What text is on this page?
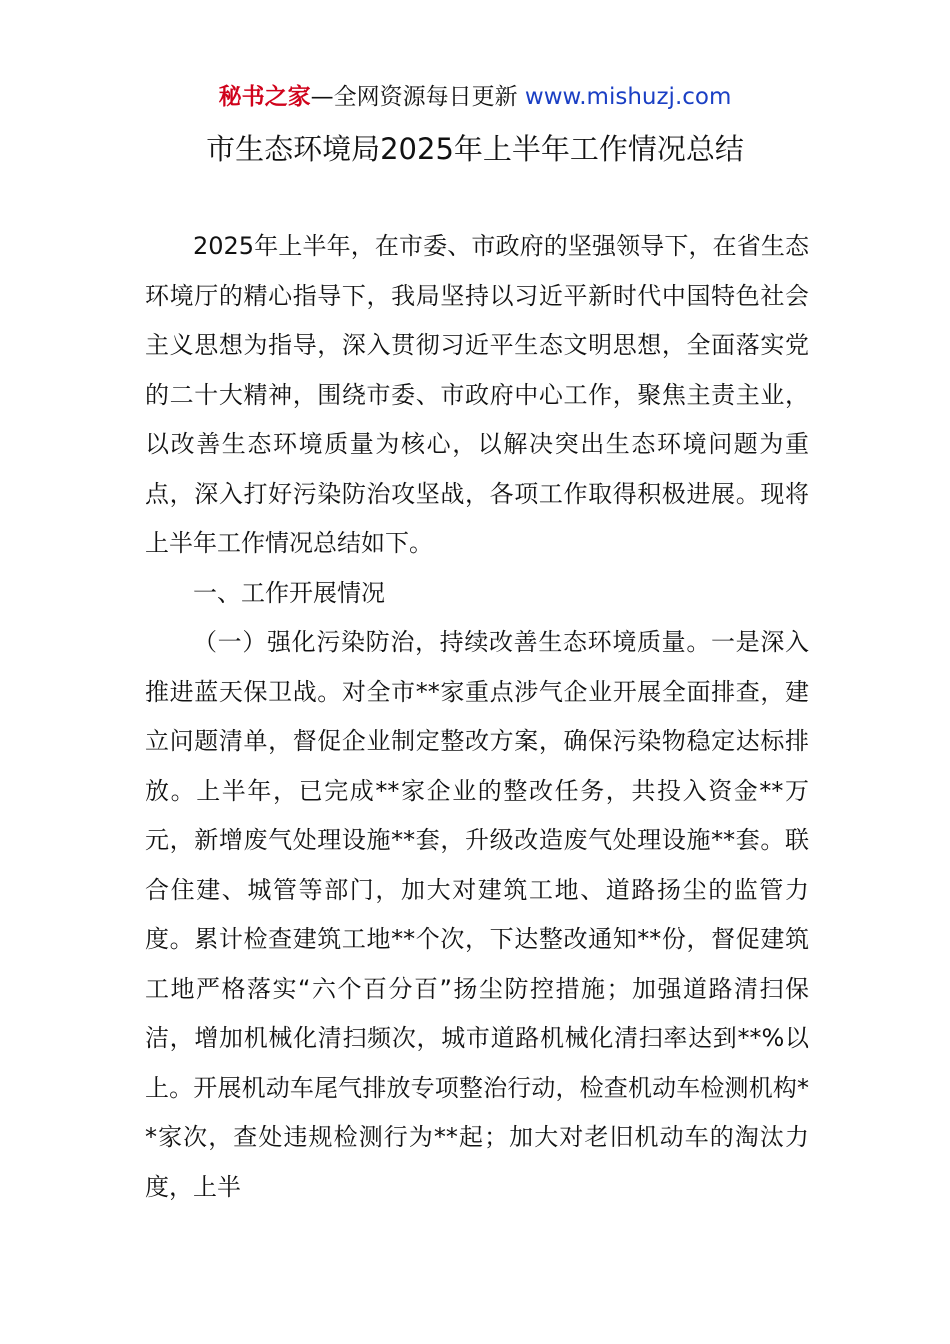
秘书之家—全网资源每日更新 www.mishuzj.com
市生态环境局2025年上半年工作情况总结

2025年上半年，在市委、市政府的坚强领导下，在省生态环境厅的精心指导下，我局坚持以习近平新时代中国特色社会主义思想为指导，深入贯彻习近平生态文明思想，全面落实党的二十大精神，围绕市委、市政府中心工作，聚焦主责主业，以改善生态环境质量为核心，以解决突出生态环境问题为重点，深入打好污染防治攻坚战，各项工作取得积极进展。现将上半年工作情况总结如下。

一、工作开展情况

（一）强化污染防治，持续改善生态环境质量。一是深入推进蓝天保卫战。对全市**家重点涉气企业开展全面排查，建立问题清单，督促企业制定整改方案，确保污染物稳定达标排放。上半年，已完成**家企业的整改任务，共投入资金**万元，新增废气处理设施**套，升级改造废气处理设施**套。联合住建、城管等部门，加大对建筑工地、道路扬尘的监管力度。累计检查建筑工地**个次，下达整改通知**份，督促建筑工地严格落实“六个百分百”扬尘防控措施；加强道路清扫保洁，增加机械化清扫频次，城市道路机械化清扫率达到**%以上。开展机动车尾气排放专项整治行动，检查机动车检测机构**家次，查处违规检测行为**起；加大对老旧机动车的淘汰力度，上半
